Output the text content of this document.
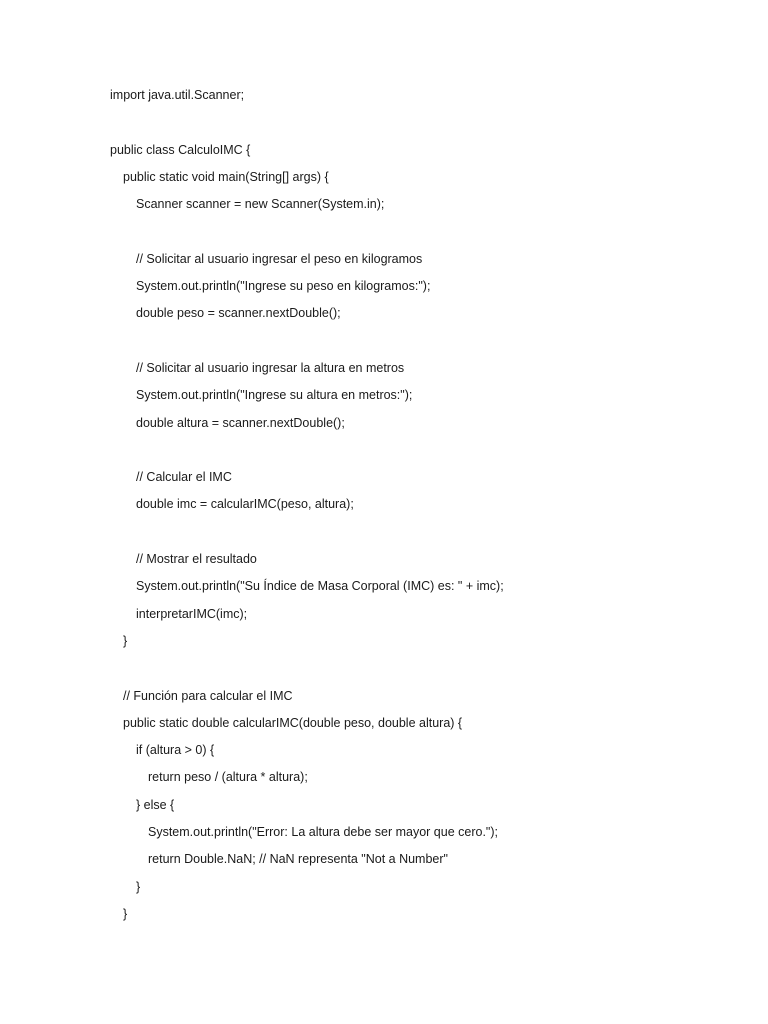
import java.util.Scanner;
public class CalculoIMC {
public static void main(String[] args) {
Scanner scanner = new Scanner(System.in);
// Solicitar al usuario ingresar el peso en kilogramos
System.out.println("Ingrese su peso en kilogramos:");
double peso = scanner.nextDouble();
// Solicitar al usuario ingresar la altura en metros
System.out.println("Ingrese su altura en metros:");
double altura = scanner.nextDouble();
// Calcular el IMC
double imc = calcularIMC(peso, altura);
// Mostrar el resultado
System.out.println("Su Índice de Masa Corporal (IMC) es: " + imc);
interpretarIMC(imc);
}
// Función para calcular el IMC
public static double calcularIMC(double peso, double altura) {
if (altura > 0) {
return peso / (altura * altura);
} else {
System.out.println("Error: La altura debe ser mayor que cero.");
return Double.NaN; // NaN representa "Not a Number"
}
}
